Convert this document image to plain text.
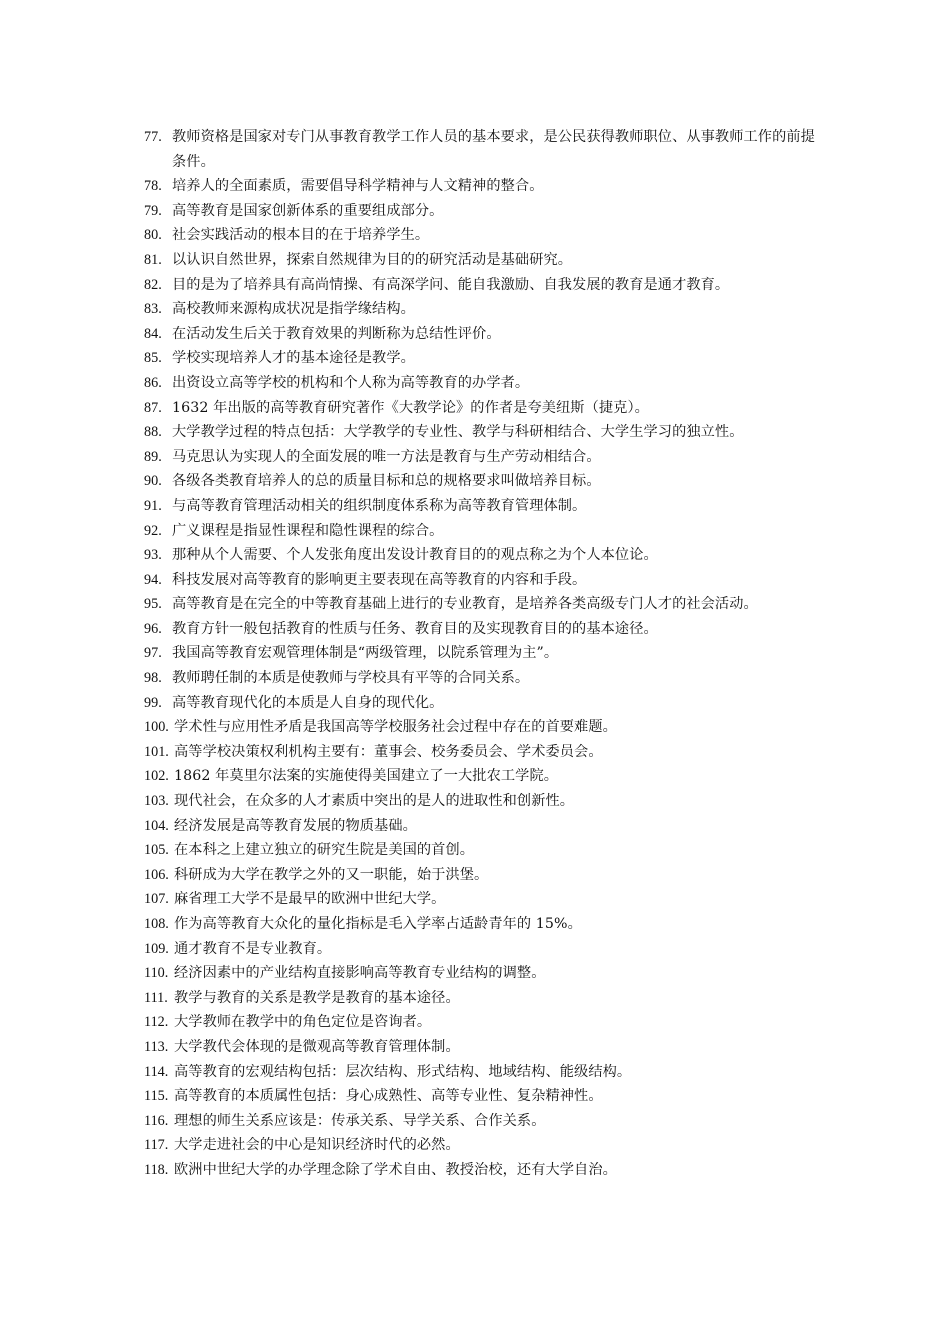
77. 教师资格是国家对专门从事教育教学工作人员的基本要求，是公民获得教师职位、从事教师工作的前提条件。
78. 培养人的全面素质，需要倡导科学精神与人文精神的整合。
79. 高等教育是国家创新体系的重要组成部分。
80. 社会实践活动的根本目的在于培养学生。
81. 以认识自然世界，探索自然规律为目的的研究活动是基础研究。
82. 目的是为了培养具有高尚情操、有高深学问、能自我激励、自我发展的教育是通才教育。
83. 高校教师来源构成状况是指学缘结构。
84. 在活动发生后关于教育效果的判断称为总结性评价。
85. 学校实现培养人才的基本途径是教学。
86. 出资设立高等学校的机构和个人称为高等教育的办学者。
87. 1632 年出版的高等教育研究著作《大教学论》的作者是夸美纽斯（捷克）。
88. 大学教学过程的特点包括：大学教学的专业性、教学与科研相结合、大学生学习的独立性。
89. 马克思认为实现人的全面发展的唯一方法是教育与生产劳动相结合。
90. 各级各类教育培养人的总的质量目标和总的规格要求叫做培养目标。
91. 与高等教育管理活动相关的组织制度体系称为高等教育管理体制。
92. 广义课程是指显性课程和隐性课程的综合。
93. 那种从个人需要、个人发张角度出发设计教育目的的观点称之为个人本位论。
94. 科技发展对高等教育的影响更主要表现在高等教育的内容和手段。
95. 高等教育是在完全的中等教育基础上进行的专业教育，是培养各类高级专门人才的社会活动。
96. 教育方针一般包括教育的性质与任务、教育目的及实现教育目的的基本途径。
97. 我国高等教育宏观管理体制是“两级管理，以院系管理为主”。
98. 教师聘任制的本质是使教师与学校具有平等的合同关系。
99. 高等教育现代化的本质是人自身的现代化。
100. 学术性与应用性矛盾是我国高等学校服务社会过程中存在的首要难题。
101. 高等学校决策权利机构主要有：董事会、校务委员会、学术委员会。
102. 1862 年莫里尔法案的实施使得美国建立了一大批农工学院。
103. 现代社会，在众多的人才素质中突出的是人的进取性和创新性。
104. 经济发展是高等教育发展的物质基础。
105. 在本科之上建立独立的研究生院是美国的首创。
106. 科研成为大学在教学之外的又一职能，始于洪堡。
107. 麻省理工大学不是最早的欧洲中世纪大学。
108. 作为高等教育大众化的量化指标是毛入学率占适龄青年的 15%。
109. 通才教育不是专业教育。
110. 经济因素中的产业结构直接影响高等教育专业结构的调整。
111. 教学与教育的关系是教学是教育的基本途径。
112. 大学教师在教学中的角色定位是咨询者。
113. 大学教代会体现的是微观高等教育管理体制。
114. 高等教育的宏观结构包括：层次结构、形式结构、地域结构、能级结构。
115. 高等教育的本质属性包括：身心成熟性、高等专业性、复杂精神性。
116. 理想的师生关系应该是：传承关系、导学关系、合作关系。
117. 大学走进社会的中心是知识经济时代的必然。
118. 欧洲中世纪大学的办学理念除了学术自由、教授治校，还有大学自治。
